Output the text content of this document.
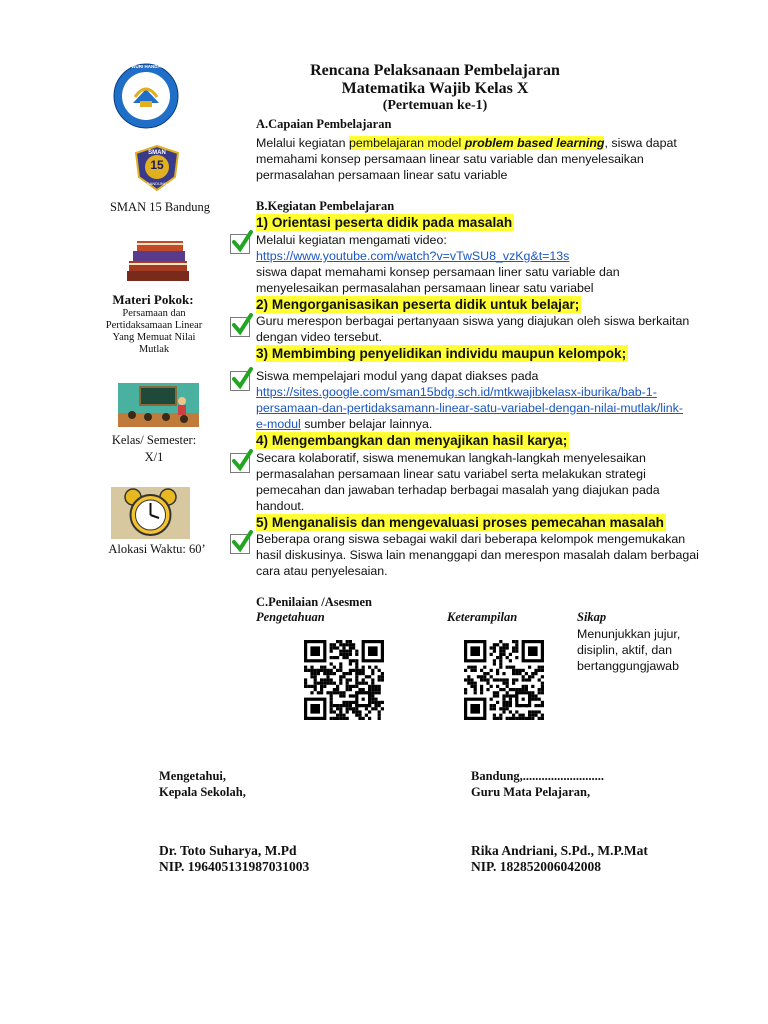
Rencana Pelaksanaan Pembelajaran
Matematika Wajib Kelas X
(Pertemuan ke-1)
TUT WURI HANDAYANI
SMAN
15
BANDUNG
SMAN 15 Bandung
Materi Pokok:
Persamaan dan Pertidaksamaan Linear Yang Memuat Nilai Mutlak
Kelas/ Semester:
X/1
Alokasi Waktu: 60’
A.Capaian Pembelajaran
Melalui kegiatan pembelajaran model problem based learning, siswa dapat
memahami konsep persamaan linear satu variable dan menyelesaikan
permasalahan persamaan linear satu variable
B.Kegiatan Pembelajaran
1) Orientasi peserta didik pada masalah
Melalui kegiatan mengamati video:
https://www.youtube.com/watch?v=vTwSU8_vzKg&t=13s
siswa dapat memahami konsep persamaan liner satu variable dan
menyelesaikan permasalahan persamaan linear satu variabel
2) Mengorganisasikan peserta didik untuk belajar;
Guru merespon berbagai pertanyaan siswa yang diajukan oleh siswa berkaitan
dengan video tersebut.
3) Membimbing penyelidikan individu maupun kelompok;
Siswa mempelajari modul yang dapat diakses pada
https://sites.google.com/sman15bdg.sch.id/mtkwajibkelasx-iburika/bab-1-
persamaan-dan-pertidaksamann-linear-satu-variabel-dengan-nilai-mutlak/link-
e-modul sumber belajar lainnya.
4) Mengembangkan dan menyajikan hasil karya;
Secara kolaboratif, siswa menemukan langkah-langkah menyelesaikan
permasalahan persamaan linear satu variabel serta melakukan strategi
pemecahan dan jawaban terhadap berbagai masalah yang diajukan pada
handout.
5) Menganalisis dan mengevaluasi proses pemecahan masalah
Beberapa orang siswa sebagai wakil dari beberapa kelompok mengemukakan
hasil diskusinya. Siswa lain menanggapi dan merespon masalah dalam berbagai
cara atau penyelesaian.
C.Penilaian /Asesmen
Pengetahuan	Keterampilan	Sikap
Menunjukkan jujur,
disiplin, aktif, dan
bertanggungjawab
Mengetahui,
Kepala Sekolah,
Dr. Toto Suharya, M.Pd
NIP. 196405131987031003
Bandung,..........................
Guru Mata Pelajaran,
Rika Andriani, S.Pd., M.P.Mat
NIP. 182852006042008
